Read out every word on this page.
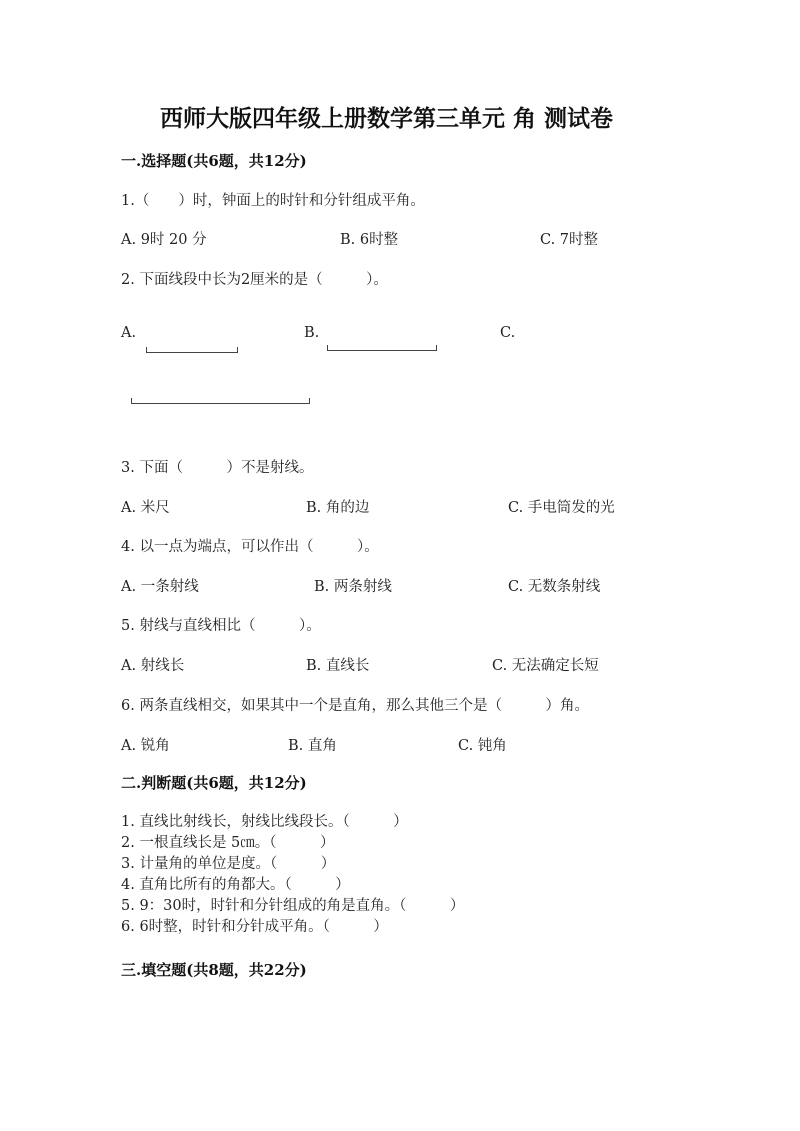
西师大版四年级上册数学第三单元 角 测试卷
一.选择题(共6题，共12分)
1.（　　）时，钟面上的时针和分针组成平角。
A. 9时 20 分	B. 6时整	C. 7时整
2. 下面线段中长为2厘米的是（　　　）。
A.	B.	C.
3. 下面（　　　）不是射线。
A. 米尺	B. 角的边	C. 手电筒发的光
4. 以一点为端点，可以作出（　　　）。
A. 一条射线	B. 两条射线	C. 无数条射线
5. 射线与直线相比（　　　）。
A. 射线长	B. 直线长	C. 无法确定长短
6. 两条直线相交，如果其中一个是直角，那么其他三个是（　　　）角。
A. 锐角	B. 直角	C. 钝角
二.判断题(共6题，共12分)
1. 直线比射线长，射线比线段长。（　　　）
2. 一根直线长是 5㎝。（　　　）
3. 计量角的单位是度。（　　　）
4. 直角比所有的角都大。（　　　）
5. 9：30时，时针和分针组成的角是直角。（　　　）
6. 6时整，时针和分针成平角。（　　　）
三.填空题(共8题，共22分)
